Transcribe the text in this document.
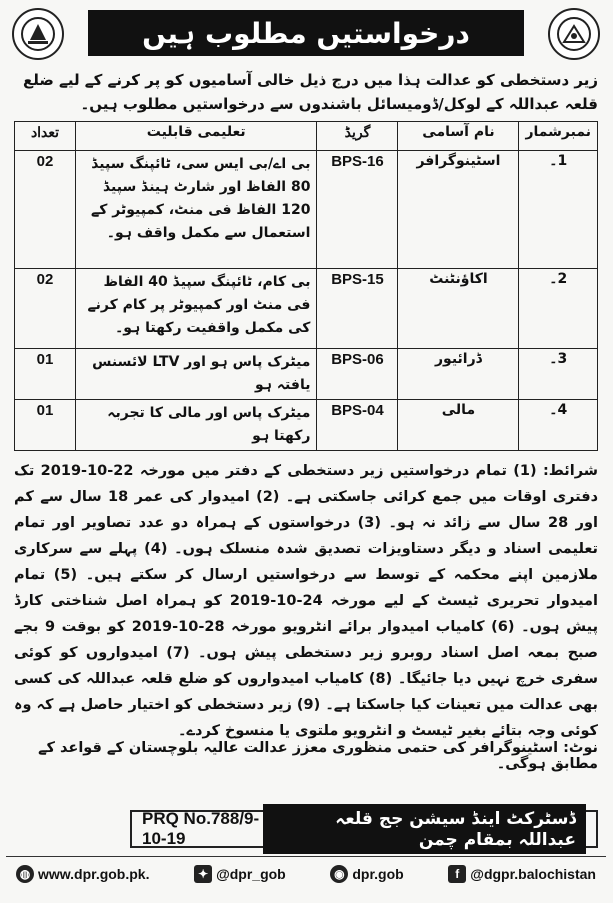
درخواستیں مطلوب ہیں
زیر دستخطی کو عدالت ہذا میں درج ذیل خالی آسامیوں کو پر کرنے کے لیے ضلع قلعہ عبداللہ کے لوکل/ڈومیسائل باشندوں سے درخواستیں مطلوب ہیں۔
نمبرشمار	نام آسامی	گریڈ	تعلیمی قابلیت	تعداد
1۔	اسٹینوگرافر	BPS-16	بی اے/بی ایس سی، ٹائپنگ سپیڈ 80 الفاظ اور شارٹ ہینڈ سپیڈ 120 الفاظ فی منٹ، کمپیوٹر کے استعمال سے مکمل واقف ہو۔	02
2۔	اکاؤنٹنٹ	BPS-15	بی کام، ٹائپنگ سپیڈ 40 الفاظ فی منٹ اور کمپیوٹر پر کام کرنے کی مکمل واقفیت رکھتا ہو۔	02
3۔	ڈرائیور	BPS-06	میٹرک پاس ہو اور LTV لائسنس یافتہ ہو	01
4۔	مالی	BPS-04	میٹرک پاس اور مالی کا تجربہ رکھتا ہو	01
شرائط: (1) تمام درخواستیں زیر دستخطی کے دفتر میں مورخہ 22-10-2019 تک دفتری اوقات میں جمع کرائی جاسکتی ہے۔ (2) امیدوار کی عمر 18 سال سے کم اور 28 سال سے زائد نہ ہو۔ (3) درخواستوں کے ہمراہ دو عدد تصاویر اور تمام تعلیمی اسناد و دیگر دستاویزات تصدیق شدہ منسلک ہوں۔ (4) پہلے سے سرکاری ملازمین اپنے محکمہ کے توسط سے درخواستیں ارسال کر سکتے ہیں۔ (5) تمام امیدوار تحریری ٹیسٹ کے لیے مورخہ 24-10-2019 کو ہمراہ اصل شناختی کارڈ پیش ہوں۔ (6) کامیاب امیدوار برائے انٹرویو مورخہ 28-10-2019 کو بوقت 9 بجے صبح بمعہ اصل اسناد روبرو زیر دستخطی پیش ہوں۔ (7) امیدواروں کو کوئی سفری خرچ نہیں دیا جائیگا۔ (8) کامیاب امیدواروں کو ضلع قلعہ عبداللہ کی کسی بھی عدالت میں تعینات کیا جاسکتا ہے۔ (9) زیر دستخطی کو اختیار حاصل ہے کہ وہ کوئی وجہ بتائے بغیر ٹیسٹ و انٹرویو ملتوی یا منسوخ کردے۔
نوٹ: اسٹینوگرافر کی حتمی منظوری معزز عدالت عالیہ بلوچستان کے قواعد کے مطابق ہوگی۔
PRQ No.788/9-10-19
ڈسٹرکٹ اینڈ سیشن جج قلعہ عبداللہ بمقام چمن
◍ www.dpr.gob.pk.	✦ @dpr_gob	◉ dpr.gob	f @dgpr.balochistan
